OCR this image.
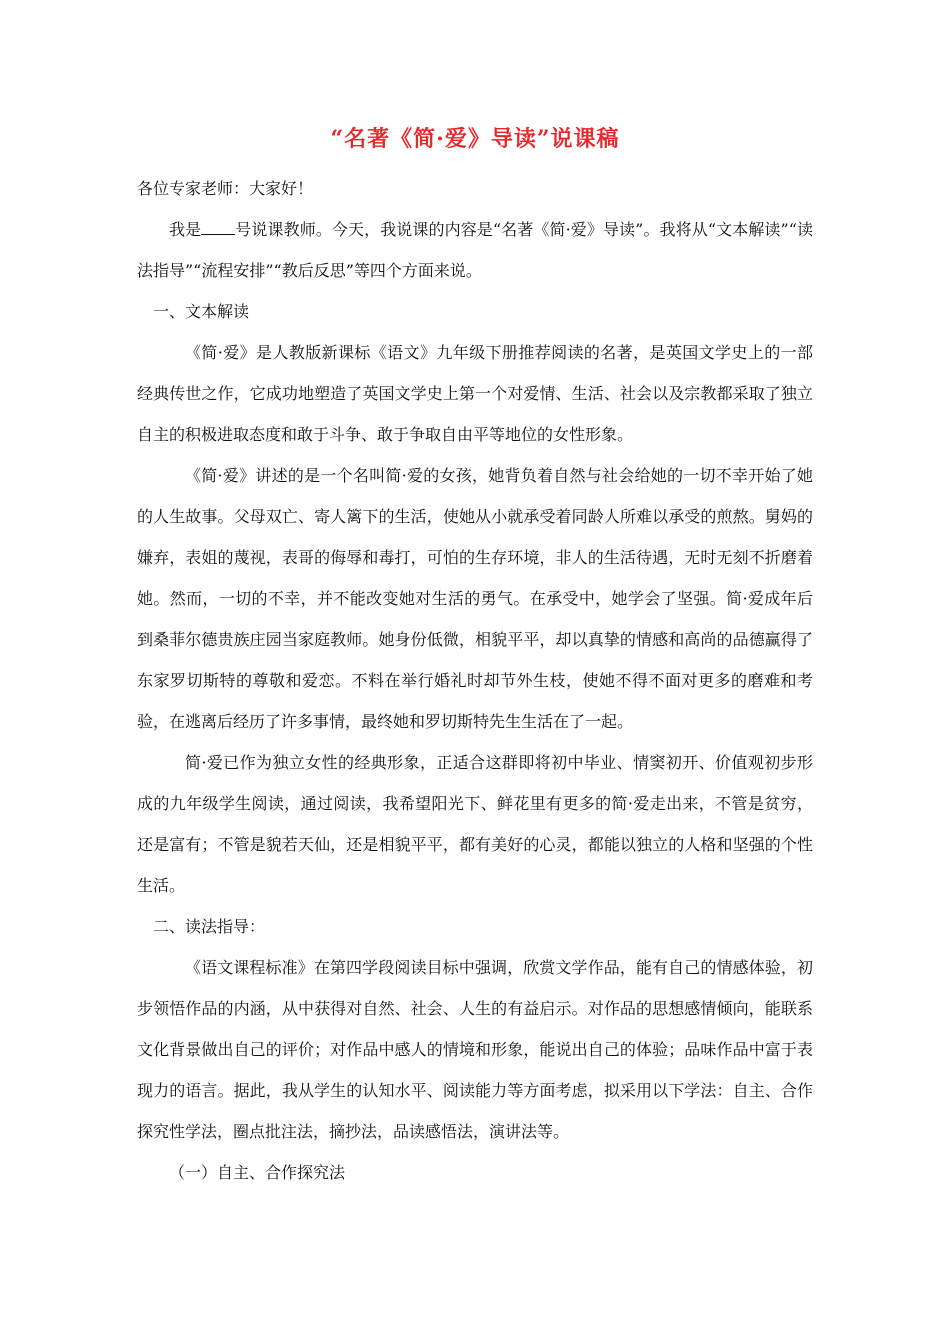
“名著《简·爱》导读”说课稿

各位专家老师：大家好！

我是 号说课教师。今天，我说课的内容是“名著《简·爱》导读”。我将从“文本解读”“读法指导”“流程安排”“教后反思”等四个方面来说。

一、文本解读

《简·爱》是人教版新课标《语文》九年级下册推荐阅读的名著，是英国文学史上的一部经典传世之作，它成功地塑造了英国文学史上第一个对爱情、生活、社会以及宗教都采取了独立自主的积极进取态度和敢于斗争、敢于争取自由平等地位的女性形象。

《简·爱》讲述的是一个名叫简·爱的女孩，她背负着自然与社会给她的一切不幸开始了她的人生故事。父母双亡、寄人篱下的生活，使她从小就承受着同龄人所难以承受的煎熬。舅妈的嫌弃，表姐的蔑视，表哥的侮辱和毒打，可怕的生存环境，非人的生活待遇，无时无刻不折磨着她。然而，一切的不幸，并不能改变她对生活的勇气。在承受中，她学会了坚强。简·爱成年后到桑菲尔德贵族庄园当家庭教师。她身份低微，相貌平平，却以真挚的情感和高尚的品德赢得了东家罗切斯特的尊敬和爱恋。不料在举行婚礼时却节外生枝，使她不得不面对更多的磨难和考验，在逃离后经历了许多事情，最终她和罗切斯特先生生活在了一起。

简·爱已作为独立女性的经典形象，正适合这群即将初中毕业、情窦初开、价值观初步形成的九年级学生阅读，通过阅读，我希望阳光下、鲜花里有更多的简·爱走出来，不管是贫穷，还是富有；不管是貌若天仙，还是相貌平平，都有美好的心灵，都能以独立的人格和坚强的个性生活。

二、读法指导：

《语文课程标准》在第四学段阅读目标中强调，欣赏文学作品，能有自己的情感体验，初步领悟作品的内涵，从中获得对自然、社会、人生的有益启示。对作品的思想感情倾向，能联系文化背景做出自己的评价；对作品中感人的情境和形象，能说出自己的体验；品味作品中富于表现力的语言。据此，我从学生的认知水平、阅读能力等方面考虑，拟采用以下学法：自主、合作探究性学法，圈点批注法，摘抄法，品读感悟法，演讲法等。

（一）自主、合作探究法
